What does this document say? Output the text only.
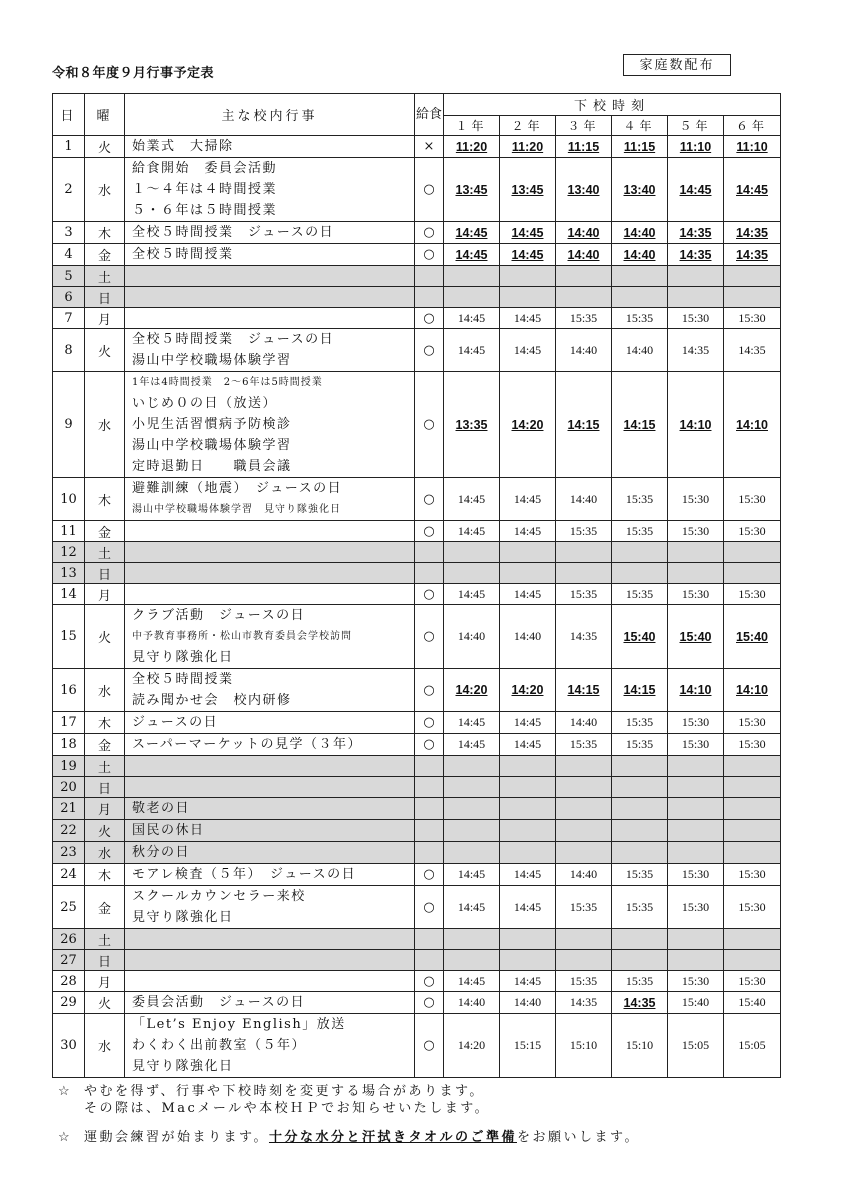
令和８年度９月行事予定表
家庭数配布
日	曜	主な校内行事	給食	下校時刻					
				１年	２年	３年	４年	５年	６年
1	火	始業式　大掃除	×	11:20	11:20	11:15	11:15	11:10	11:10
2	水	給食開始　委員会活動
１～４年は４時間授業
５・６年は５時間授業	○	13:45	13:45	13:40	13:40	14:45	14:45
3	木	全校５時間授業　ジュースの日	○	14:45	14:45	14:40	14:40	14:35	14:35
4	金	全校５時間授業	○	14:45	14:45	14:40	14:40	14:35	14:35
5	土								
6	日								
7	月		○	14:45	14:45	15:35	15:35	15:30	15:30
8	火	全校５時間授業　ジュースの日
湯山中学校職場体験学習	○	14:45	14:45	14:40	14:40	14:35	14:35
9	水	1年は4時間授業　2～6年は5時間授業
いじめ０の日（放送）
小児生活習慣病予防検診
湯山中学校職場体験学習
定時退勤日　　職員会議	○	13:35	14:20	14:15	14:15	14:10	14:10
10	木	避難訓練（地震）　ジュースの日
湯山中学校職場体験学習　見守り隊強化日	○	14:45	14:45	14:40	15:35	15:30	15:30
11	金		○	14:45	14:45	15:35	15:35	15:30	15:30
12	土								
13	日								
14	月		○	14:45	14:45	15:35	15:35	15:30	15:30
15	火	クラブ活動　ジュースの日
中予教育事務所・松山市教育委員会学校訪問
見守り隊強化日	○	14:40	14:40	14:35	15:40	15:40	15:40
16	水	全校５時間授業
読み聞かせ会　校内研修	○	14:20	14:20	14:15	14:15	14:10	14:10
17	木	ジュースの日	○	14:45	14:45	14:40	15:35	15:30	15:30
18	金	スーパーマーケットの見学（３年）	○	14:45	14:45	15:35	15:35	15:30	15:30
19	土								
20	日								
21	月	敬老の日							

22	火	国民の休日							

23	水	秋分の日							

24	木	モアレ検査（５年）　ジュースの日	○	14:45	14:45	14:40	15:35	15:30	15:30
25	金	スクールカウンセラー来校
見守り隊強化日	○	14:45	14:45	15:35	15:35	15:30	15:30
26	土								
27	日								
28	月		○	14:45	14:45	15:35	15:35	15:30	15:30
29	火	委員会活動　ジュースの日	○	14:40	14:40	14:35	14:35	15:40	15:40
30	水	「Let’s Enjoy English」放送
わくわく出前教室（５年）
見守り隊強化日	○	14:20	15:15	15:10	15:10	15:05	15:05
☆ やむを得ず、行事や下校時刻を変更する場合があります。
その際は、Macメールや本校ＨＰでお知らせいたします。
☆ 運動会練習が始まります。十分な水分と汗拭きタオルのご準備をお願いします。
